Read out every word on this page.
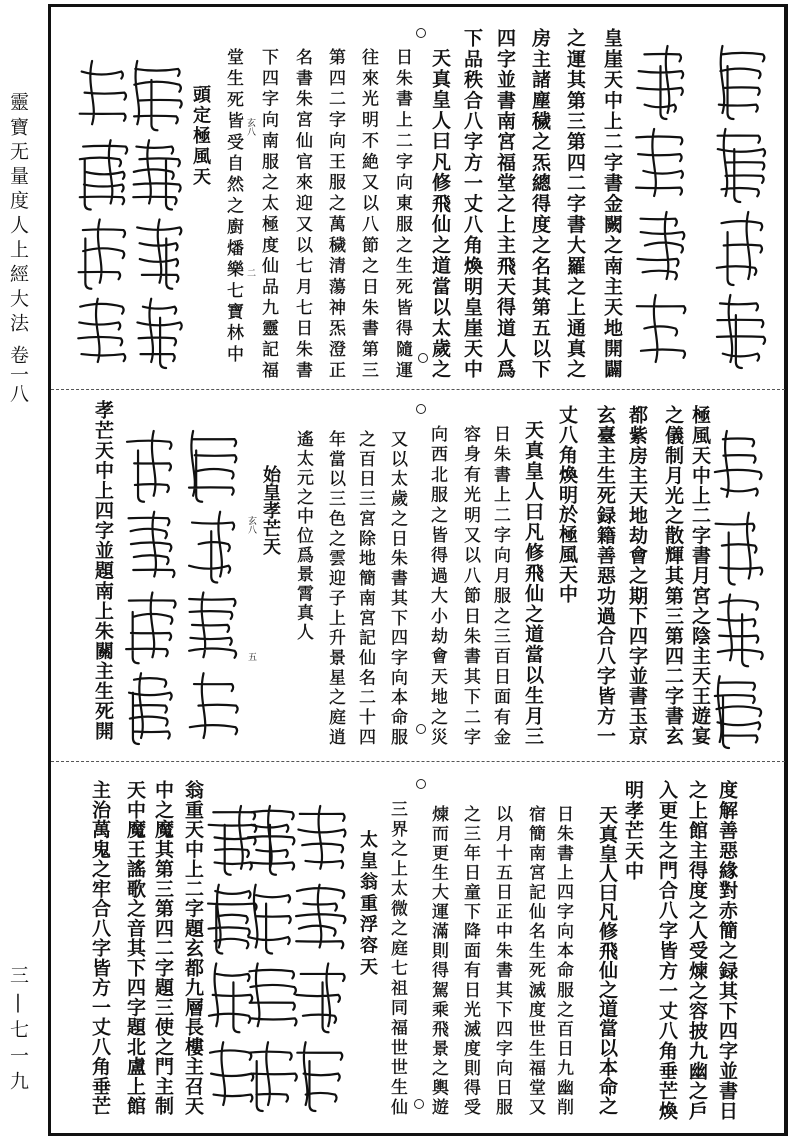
靈寶无量度人上經大法
卷一八
三|七一九
皇崖天中上二字書金闕之南主天地開闢
之運其第三第四二字書大羅之上通真之
房主諸塵穢之炁總得度之名其第五以下
四字並書南宮福堂之上主飛天得道人爲
下品秩合八字方一丈八角煥明皇崖天中
天真皇人曰凡修飛仙之道當以太歲之
日朱書上二字向東服之生死皆得隨運
往來光明不絶又以八節之日朱書第三
第四二字向王服之萬穢清蕩神炁澄正
名書朱宮仙官來迎又以七月七日朱書
下四字向南服之太極度仙品九靈記福
堂生死皆受自然之廚燔樂七寶林中
頭定極風天	玄八
二
極風天中上二字書月宮之陰主天王遊宴
之儀制月光之散輝其第三第四二字書玄
都紫房主天地劫會之期下四字並書玉京
玄臺主生死録籍善惡功過合八字皆方一
丈八角煥明於極風天中
天真皇人曰凡修飛仙之道當以生月三
日朱書上二字向月服之三百日面有金
容身有光明又以八節日朱書其下二字
向西北服之皆得過大小劫會天地之災
又以太歲之日朱書其下四字向本命服
之百日三宮除地簡南宮記仙名二十四
年當以三色之雲迎子上升景星之庭逍
遙太元之中位爲景霄真人
始皇孝芒天
孝芒天中上四字並題南上朱關主生死開	玄八
五
度解善惡緣對赤簡之録其下四字並書日
之上館主得度之人受煉之容披九幽之戶
入更生之門合八字皆方一丈八角垂芒煥
明孝芒天中
天真皇人曰凡修飛仙之道當以本命之
日朱書上四字向本命服之百日九幽削
宿簡南宮記仙名生死滅度世生福堂又
以月十五日正中朱書其下四字向日服
之三年日童下降面有日光滅度則得受
煉而更生大運滿則得駕乘飛景之輿遊
三界之上太微之庭七祖同福世世生仙
太皇翁重浮容天
翁重天中上二字題玄都九層長樓主召天
中之魔其第三第四二字題三使之門主制
天中魔王謠歌之音其下四字題北盧上館
主治萬鬼之牢合八字皆方一丈八角垂芒
